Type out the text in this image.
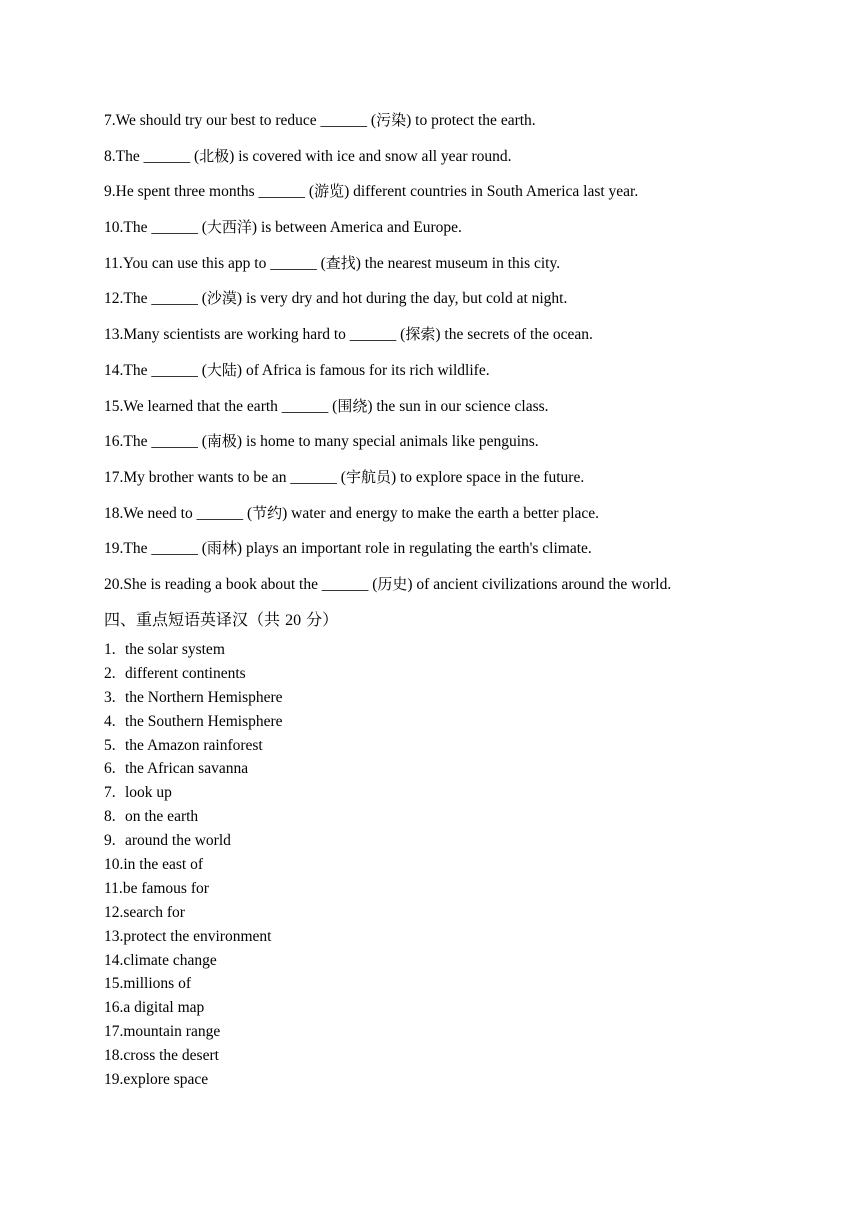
7.We should try our best to reduce ______ (污染) to protect the earth.
8.The ______ (北极) is covered with ice and snow all year round.
9.He spent three months ______ (游览) different countries in South America last year.
10.The ______ (大西洋) is between America and Europe.
11.You can use this app to ______ (查找) the nearest museum in this city.
12.The ______ (沙漠) is very dry and hot during the day, but cold at night.
13.Many scientists are working hard to ______ (探索) the secrets of the ocean.
14.The ______ (大陆) of Africa is famous for its rich wildlife.
15.We learned that the earth ______ (围绕) the sun in our science class.
16.The ______ (南极) is home to many special animals like penguins.
17.My brother wants to be an ______ (宇航员) to explore space in the future.
18.We need to ______ (节约) water and energy to make the earth a better place.
19.The ______ (雨林) plays an important role in regulating the earth's climate.
20.She is reading a book about the ______ (历史) of ancient civilizations around the world.
四、重点短语英译汉（共 20 分）
1. the solar system
2. different continents
3. the Northern Hemisphere
4. the Southern Hemisphere
5. the Amazon rainforest
6. the African savanna
7. look up
8. on the earth
9. around the world
10.in the east of
11.be famous for
12.search for
13.protect the environment
14.climate change
15.millions of
16.a digital map
17.mountain range
18.cross the desert
19.explore space
